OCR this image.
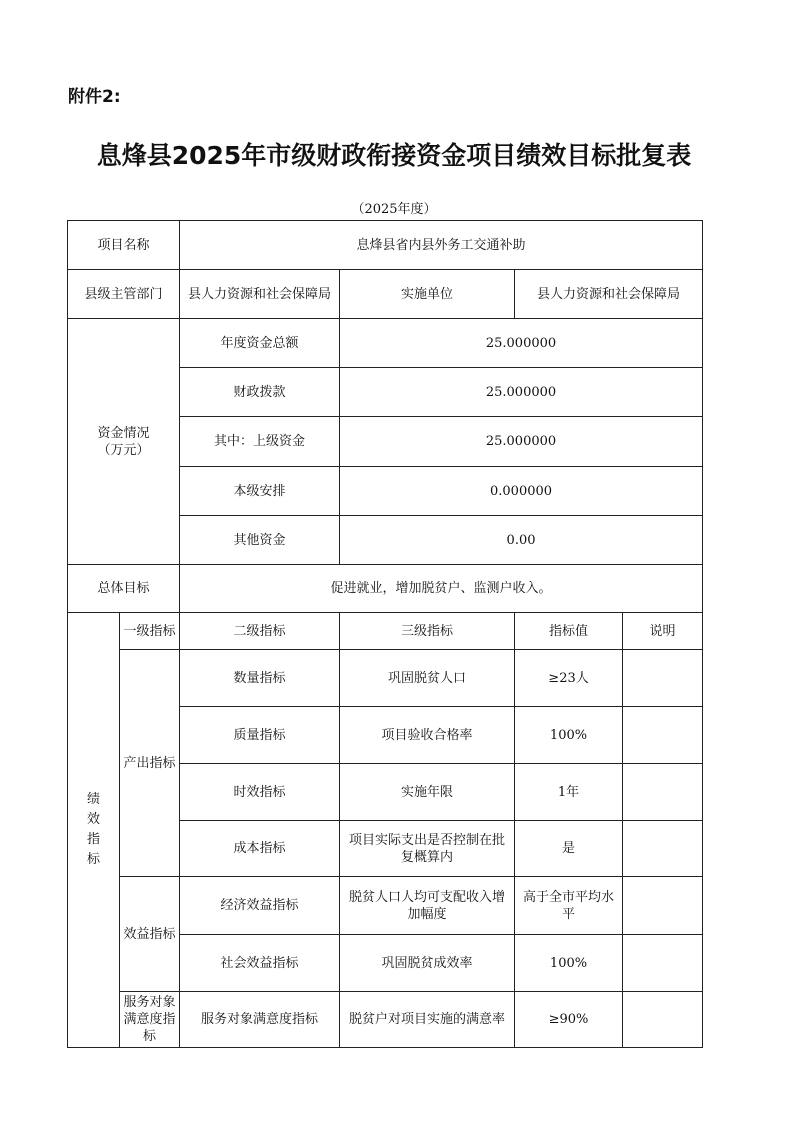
附件2:
息烽县2025年市级财政衔接资金项目绩效目标批复表
（2025年度）
项目名称		息烽县省内县外务工交通补助			
县级主管部门		县人力资源和社会保障局	实施单位	县人力资源和社会保障局	
资金情况
（万元）		年度资金总额	25.000000		
		财政拨款	25.000000		
		其中：上级资金	25.000000		
		本级安排	0.000000		
		其他资金	0.00		
总体目标		促进就业，增加脱贫户、监测户收入。			
绩
效
指
标	一级指标	二级指标	三级指标	指标值	说明
	产出指标	数量指标	巩固脱贫人口	≥23人	
		质量指标	项目验收合格率	100%	
		时效指标	实施年限	1年	
		成本指标	项目实际支出是否控制在批复概算内	是	
	效益指标	经济效益指标	脱贫人口人均可支配收入增加幅度	高于全市平均水平	
		社会效益指标	巩固脱贫成效率	100%	
	服务对象满意度指标	服务对象满意度指标	脱贫户对项目实施的满意率	≥90%	
